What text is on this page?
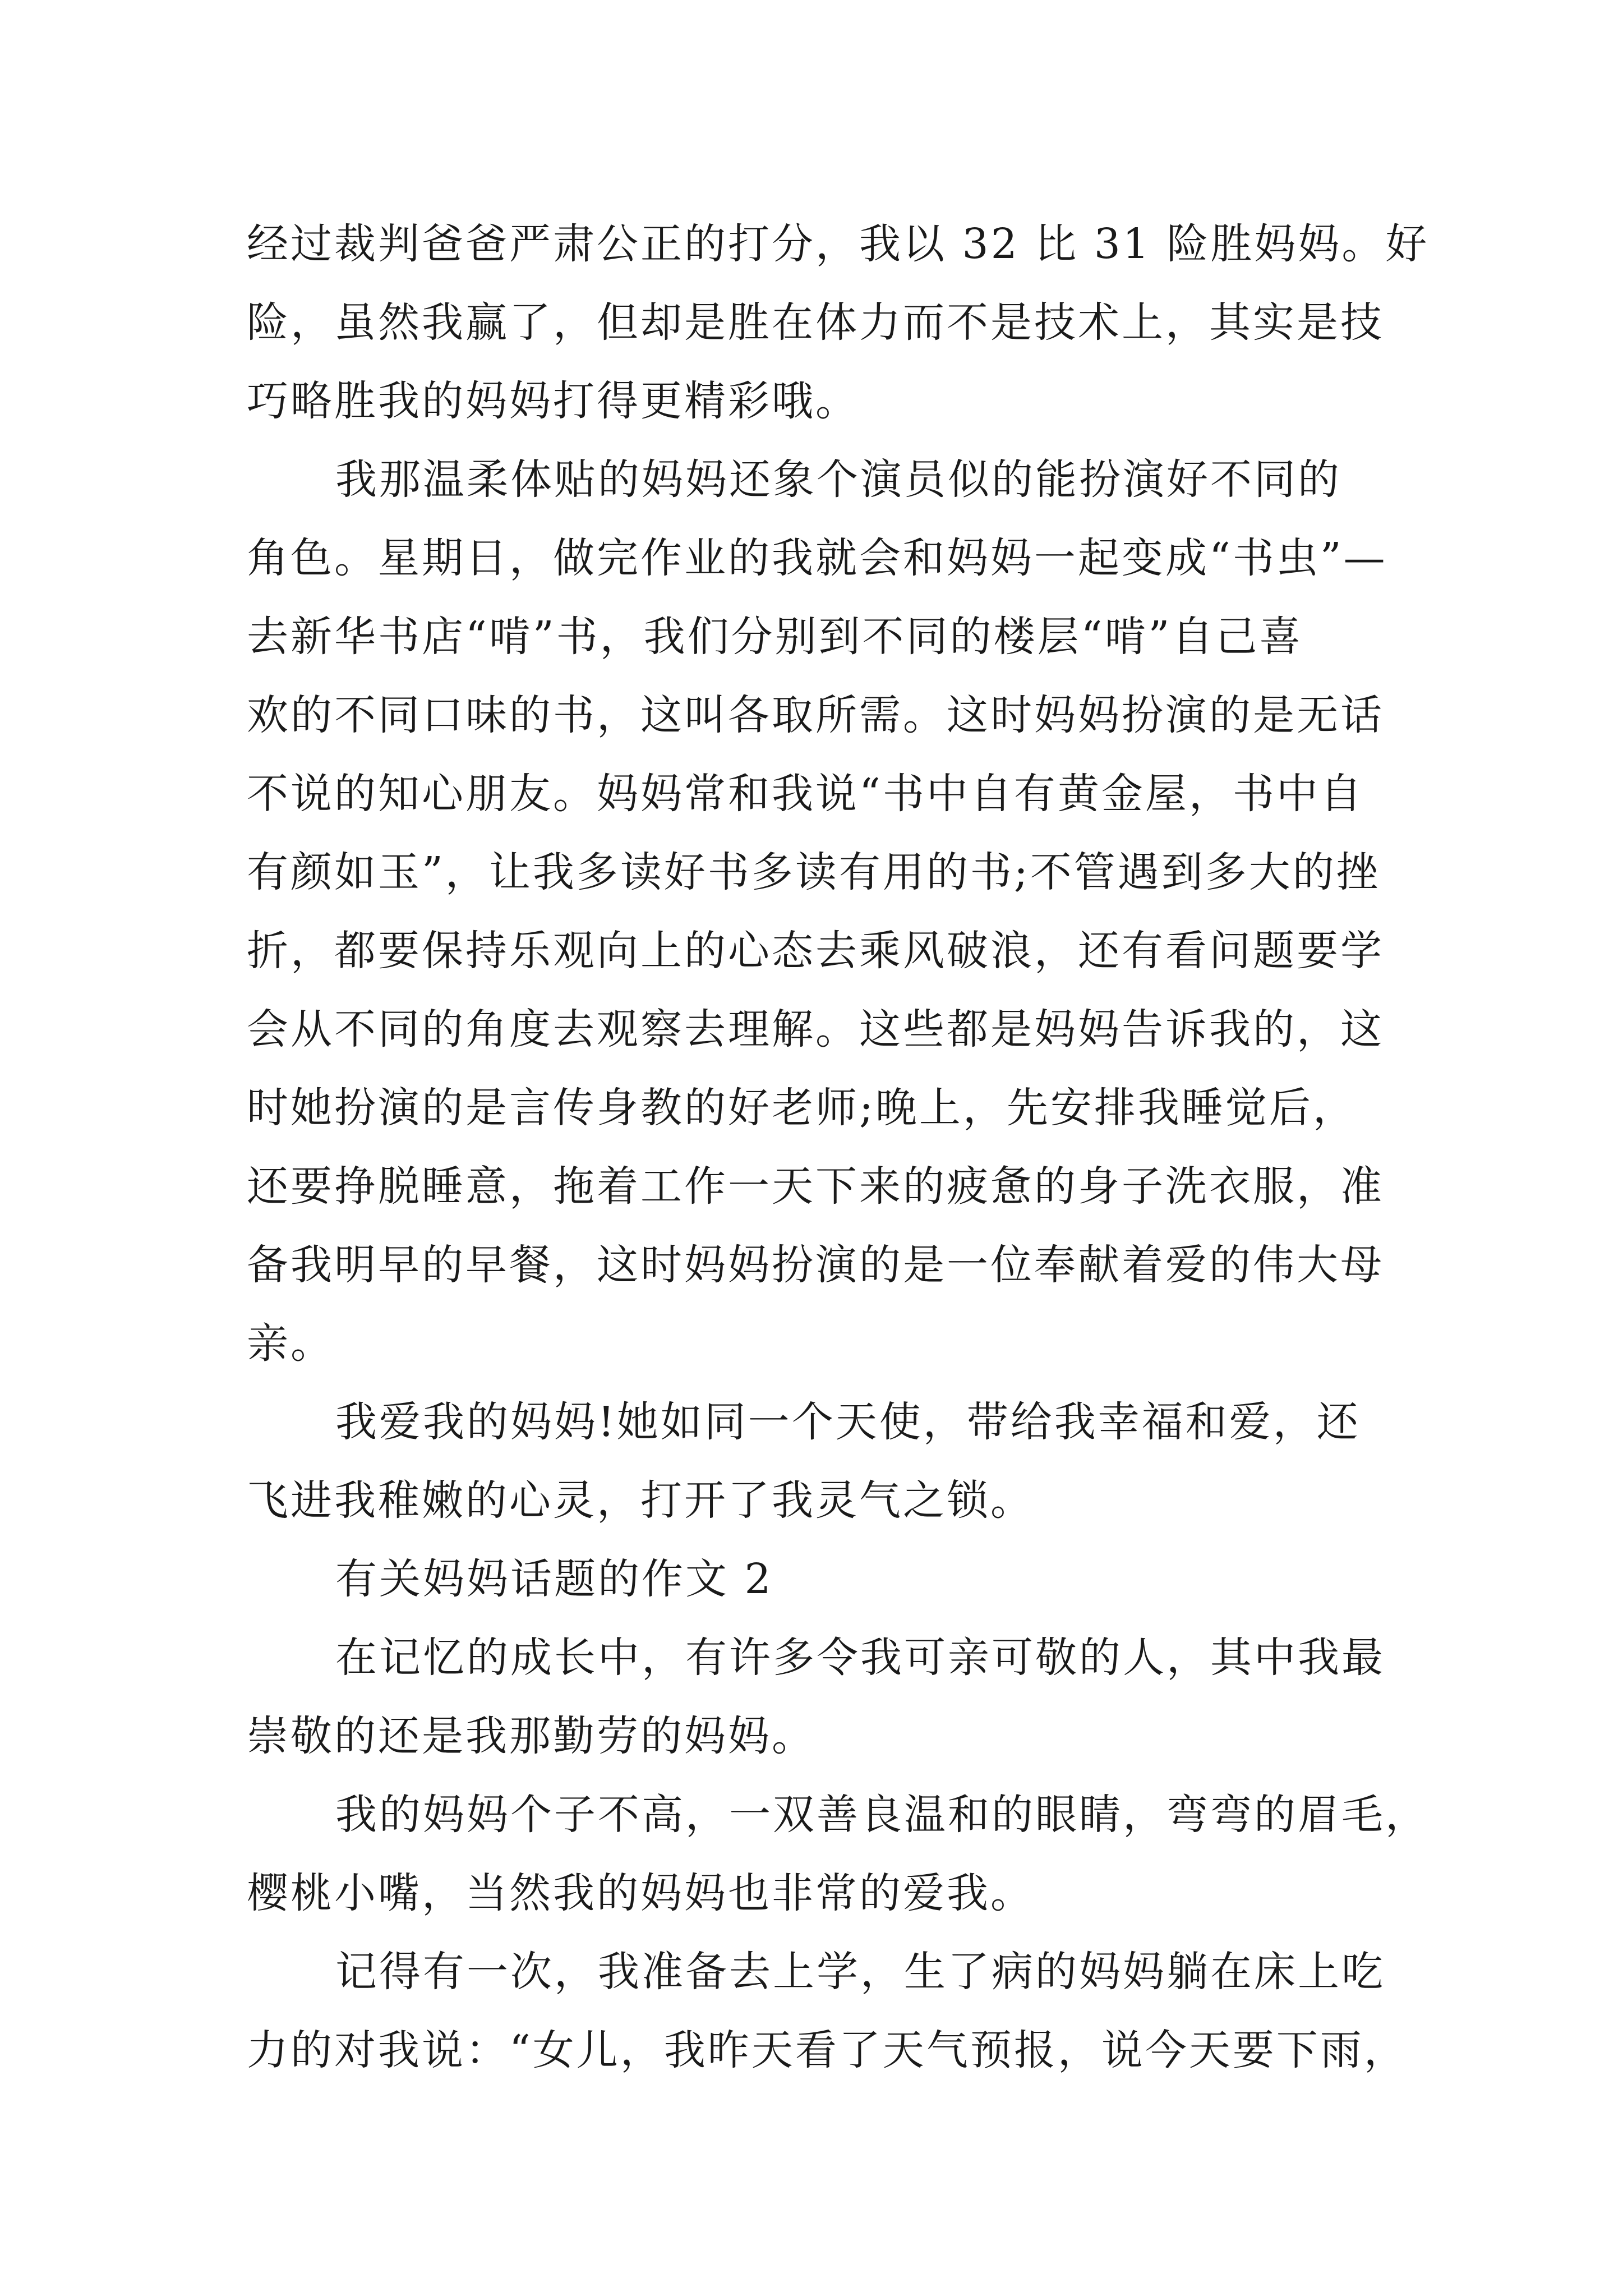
经过裁判爸爸严肃公正的打分，我以 32 比 31 险胜妈妈。好
险，虽然我赢了，但却是胜在体力而不是技术上，其实是技
巧略胜我的妈妈打得更精彩哦。
我那温柔体贴的妈妈还象个演员似的能扮演好不同的
角色。星期日，做完作业的我就会和妈妈一起变成“书虫”—
去新华书店“啃”书，我们分别到不同的楼层“啃”自己喜
欢的不同口味的书，这叫各取所需。这时妈妈扮演的是无话
不说的知心朋友。妈妈常和我说“书中自有黄金屋，书中自
有颜如玉”，让我多读好书多读有用的书;不管遇到多大的挫
折，都要保持乐观向上的心态去乘风破浪，还有看问题要学
会从不同的角度去观察去理解。这些都是妈妈告诉我的，这
时她扮演的是言传身教的好老师;晚上，先安排我睡觉后，
还要挣脱睡意，拖着工作一天下来的疲惫的身子洗衣服，准
备我明早的早餐，这时妈妈扮演的是一位奉献着爱的伟大母
亲。
我爱我的妈妈!她如同一个天使，带给我幸福和爱，还
飞进我稚嫩的心灵，打开了我灵气之锁。
有关妈妈话题的作文 2
在记忆的成长中，有许多令我可亲可敬的人，其中我最
崇敬的还是我那勤劳的妈妈。
我的妈妈个子不高，一双善良温和的眼睛，弯弯的眉毛，
樱桃小嘴，当然我的妈妈也非常的爱我。
记得有一次，我准备去上学，生了病的妈妈躺在床上吃
力的对我说：“女儿，我昨天看了天气预报，说今天要下雨，
